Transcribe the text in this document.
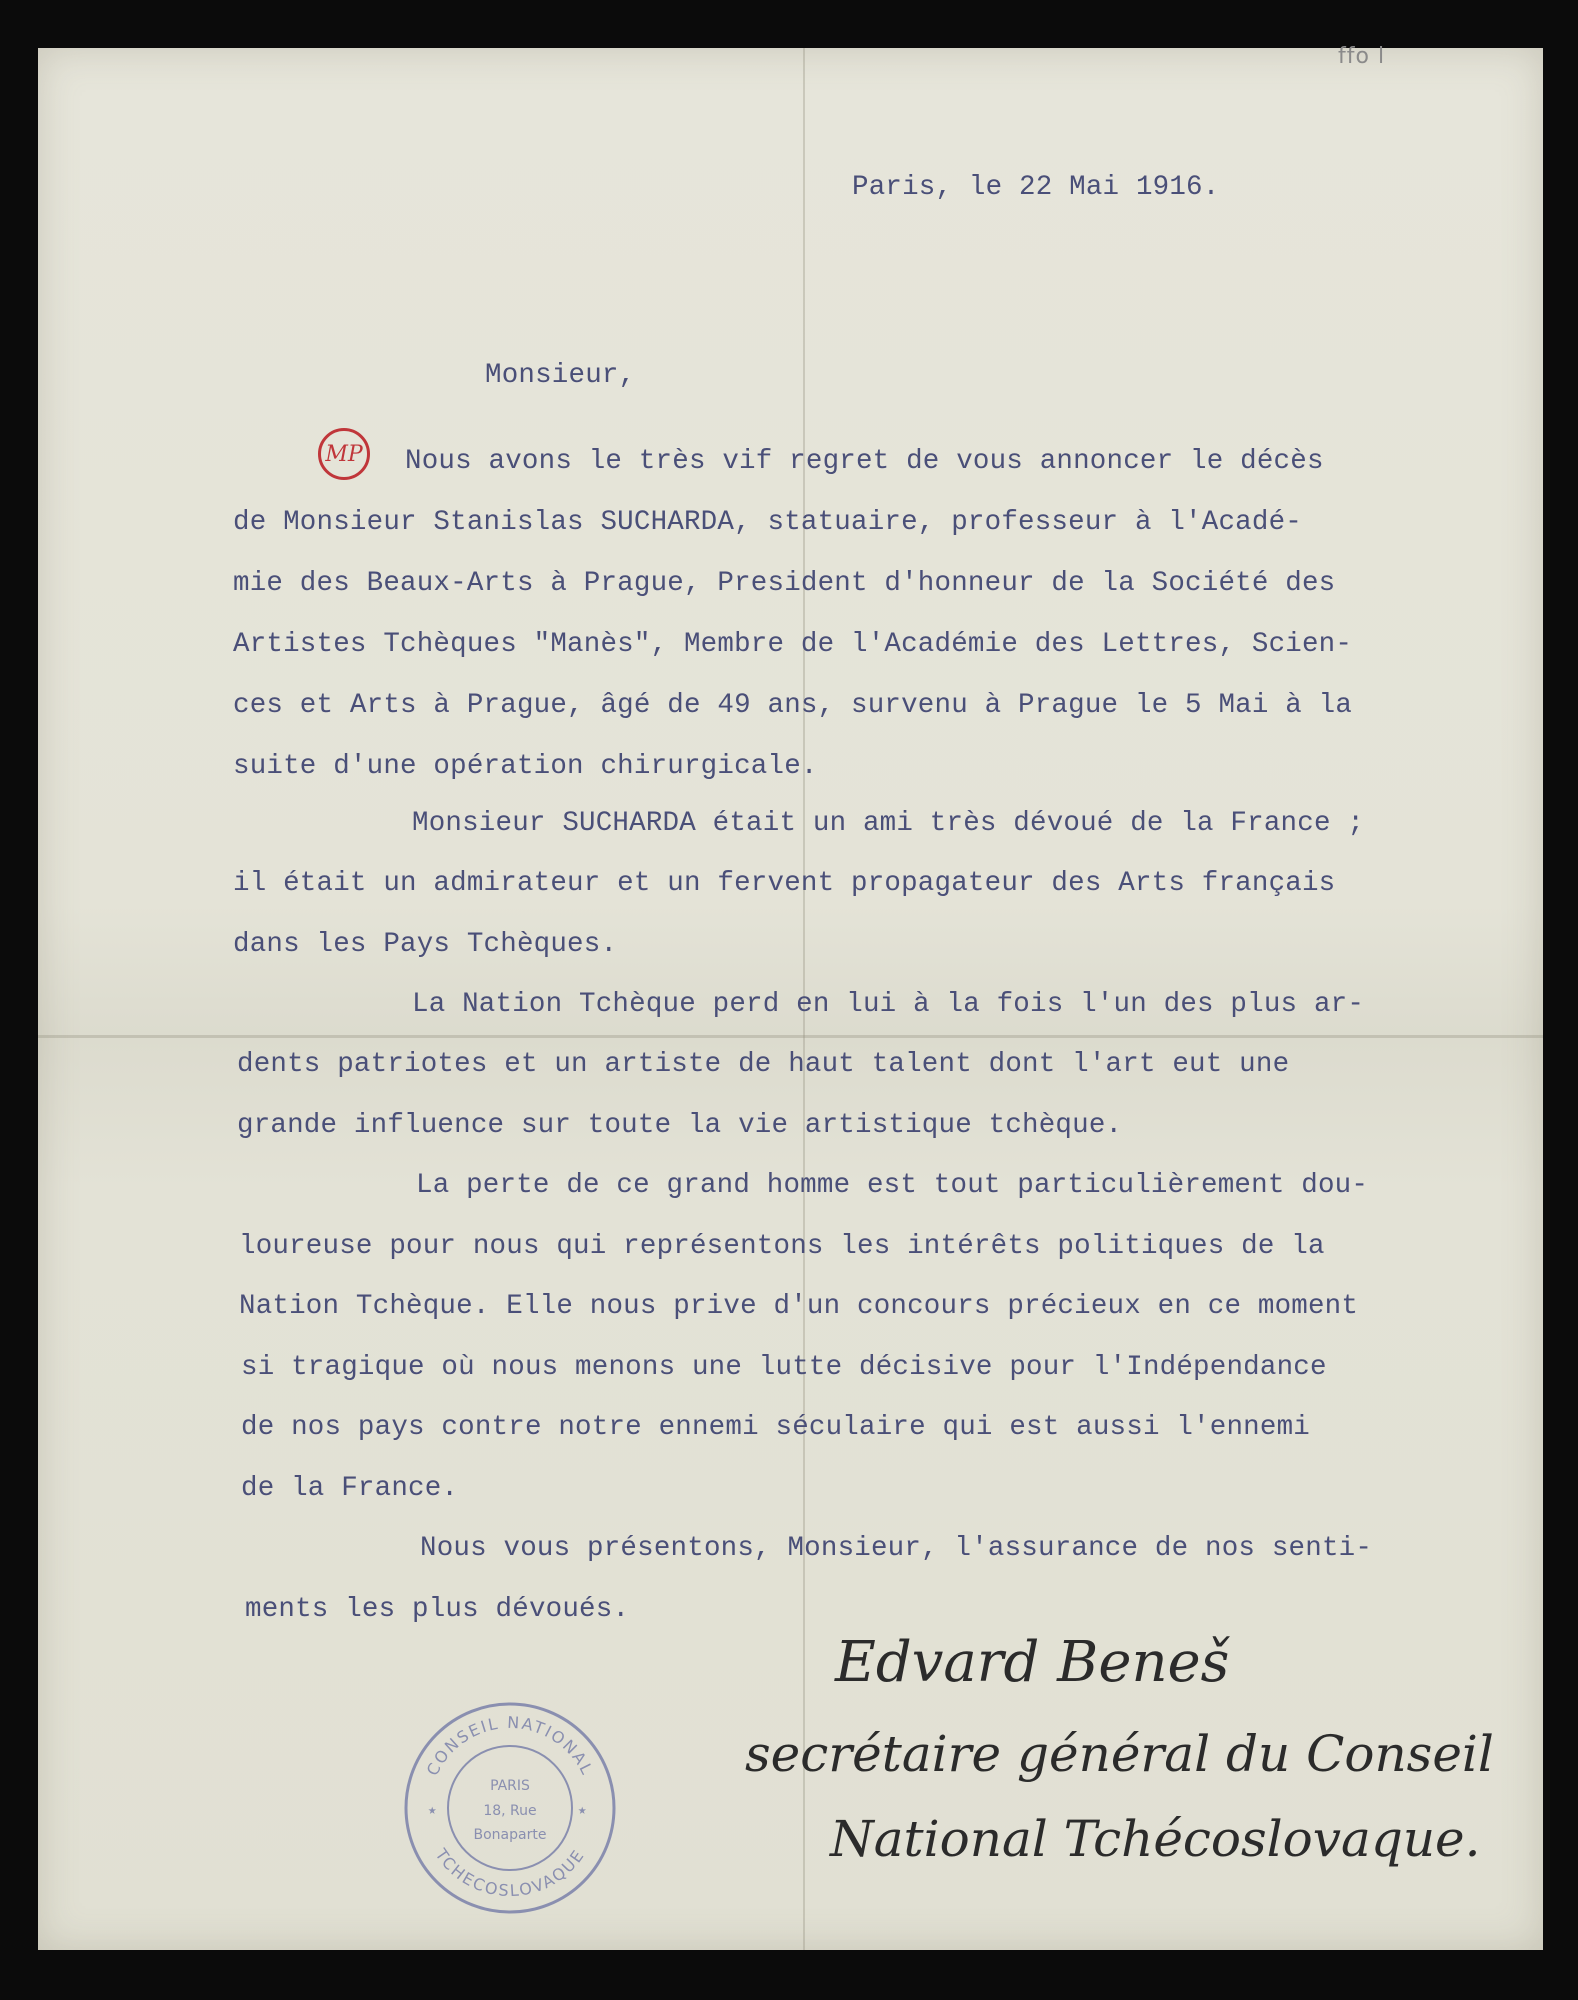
ffo l
Paris, le 22 Mai 1916.
Monsieur,
MP

Nous avons le très vif regret de vous annoncer le décès

de Monsieur Stanislas SUCHARDA, statuaire, professeur à l'Acadé-

mie des Beaux-Arts à Prague, President d'honneur de la Société des

Artistes Tchèques "Manès", Membre de l'Académie des Lettres, Scien-

ces et Arts à Prague, âgé de 49 ans, survenu à Prague le 5 Mai à la

suite d'une opération chirurgicale.

Monsieur SUCHARDA était un ami très dévoué de la France ;

il était un admirateur et un fervent propagateur des Arts français

dans les Pays Tchèques.

La Nation Tchèque perd en lui à la fois l'un des plus ar-

dents patriotes et un artiste de haut talent dont l'art eut une

grande influence sur toute la vie artistique tchèque.

La perte de ce grand homme est tout particulièrement dou-

loureuse pour nous qui représentons les intérêts politiques de la

Nation Tchèque. Elle nous prive d'un concours précieux en ce moment

si tragique où nous menons une lutte décisive pour l'Indépendance

de nos pays contre notre ennemi séculaire qui est aussi l'ennemi

de la France.

Nous vous présentons, Monsieur, l'assurance de nos senti-

ments les plus dévoués.

CONSEIL NATIONAL
TCHECOSLOVAQUE
PARIS
18, Rue
Bonaparte
★	★
Edvard Beneš
secrétaire général du Conseil
National Tchécoslovaque.
